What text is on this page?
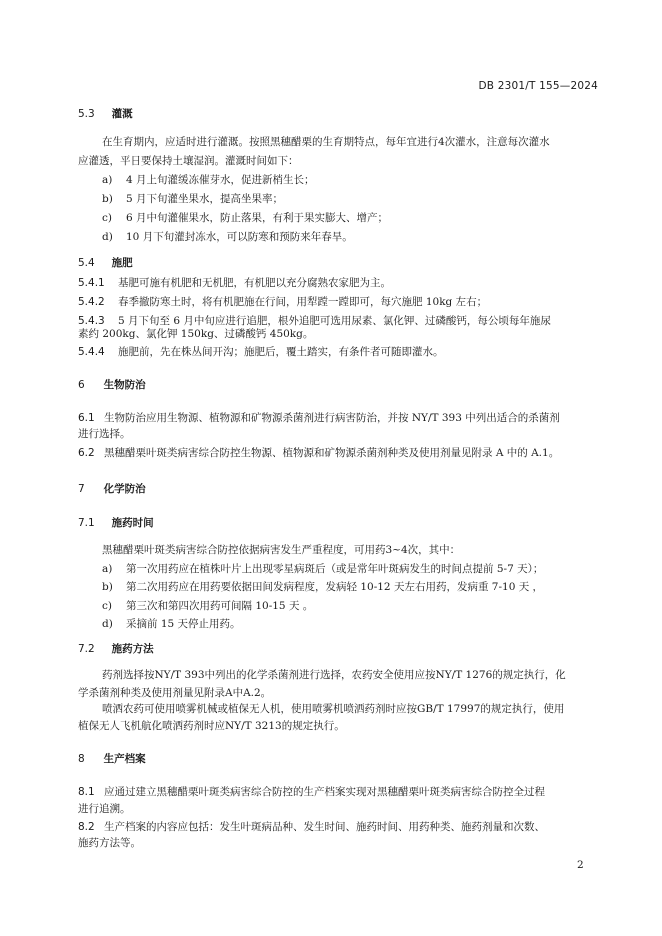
DB 2301/T 155—2024
5.3 灌溉
在生育期内，应适时进行灌溉。按照黑穗醋栗的生育期特点，每年宜进行4次灌水，注意每次灌水
应灌透，平日要保持土壤湿润。灌溉时间如下：
a)	4 月上旬灌缓冻催芽水，促进新梢生长；
b)	5 月下旬灌坐果水，提高坐果率；
c)	6 月中旬灌催果水，防止落果，有利于果实膨大、增产；
d)	10 月下旬灌封冻水，可以防寒和预防来年春旱。
5.4 施肥
5.4.1 基肥可施有机肥和无机肥，有机肥以充分腐熟农家肥为主。
5.4.2 春季撤防寒土时，将有机肥施在行间，用犁蹚一蹚即可，每穴施肥 10kg 左右；
5.4.3 5 月下旬至 6 月中旬应进行追肥，根外追肥可选用尿素、氯化钾、过磷酸钙，每公顷每年施尿
素约 200kg、氯化钾 150kg、过磷酸钙 450kg。
5.4.4 施肥前，先在株丛间开沟；施肥后，覆土踏实，有条件者可随即灌水。
6 生物防治
6.1 生物防治应用生物源、植物源和矿物源杀菌剂进行病害防治，并按 NY/T 393 中列出适合的杀菌剂
进行选择。
6.2 黑穗醋栗叶斑类病害综合防控生物源、植物源和矿物源杀菌剂种类及使用剂量见附录 A 中的 A.1。
7 化学防治
7.1 施药时间
黑穗醋栗叶斑类病害综合防控依据病害发生严重程度，可用药3~4次，其中：
a)	第一次用药应在植株叶片上出现零星病斑后（或是常年叶斑病发生的时间点提前 5-7 天）；
b)	第二次用药应在用药要依据田间发病程度，发病轻 10-12 天左右用药，发病重 7-10 天 ，
c)	第三次和第四次用药可间隔 10-15 天 。
d)	采摘前 15 天停止用药。
7.2 施药方法
药剂选择按NY/T 393中列出的化学杀菌剂进行选择，农药安全使用应按NY/T 1276的规定执行，化
学杀菌剂种类及使用剂量见附录A中A.2。
喷洒农药可使用喷雾机械或植保无人机，使用喷雾机喷洒药剂时应按GB/T 17997的规定执行，使用
植保无人飞机航化喷洒药剂时应NY/T 3213的规定执行。
8 生产档案
8.1 应通过建立黑穗醋栗叶斑类病害综合防控的生产档案实现对黑穗醋栗叶斑类病害综合防控全过程
进行追溯。
8.2 生产档案的内容应包括：发生叶斑病品种、发生时间、施药时间、用药种类、施药剂量和次数、
施药方法等。
2
